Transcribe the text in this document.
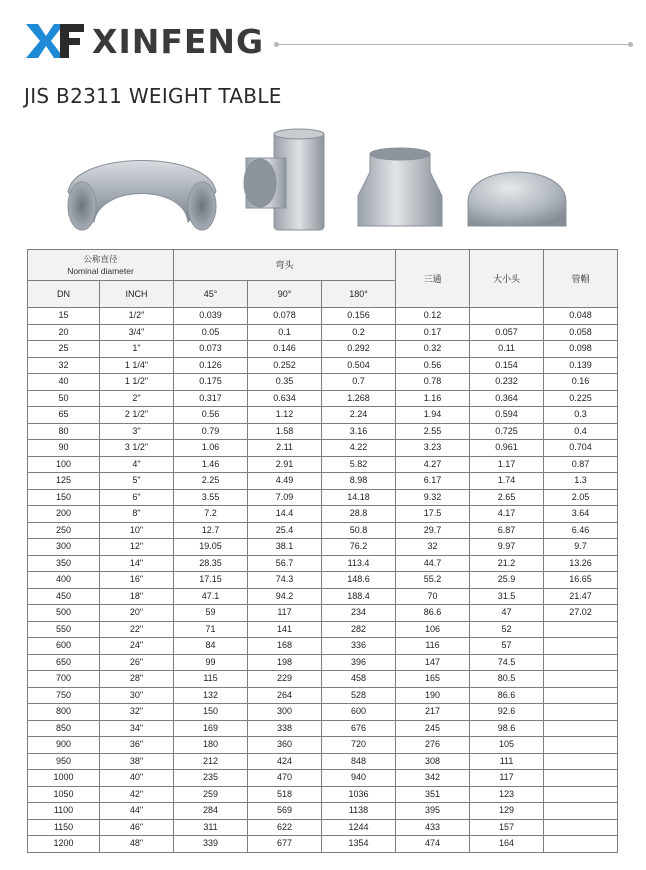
XINFENG
JIS B2311 WEIGHT TABLE
公称直径
Nominal diameter		弯头			三通	大小头	管帽
DN	INCH	45°	90°	180°			
15	1/2"	0.039	0.078	0.156	0.12		0.048
20	3/4"	0.05	0.1	0.2	0.17	0.057	0.058
25	1"	0.073	0.146	0.292	0.32	0.11	0.098
32	1 1/4"	0.126	0.252	0.504	0.56	0.154	0.139
40	1 1/2"	0.175	0.35	0.7	0.78	0.232	0.16
50	2"	0.317	0.634	1.268	1.16	0.364	0.225
65	2 1/2"	0.56	1.12	2.24	1.94	0.594	0.3
80	3"	0.79	1.58	3.16	2.55	0.725	0.4
90	3 1/2"	1.06	2.11	4.22	3.23	0.961	0.704
100	4"	1.46	2.91	5.82	4.27	1.17	0.87
125	5"	2.25	4.49	8.98	6.17	1.74	1.3
150	6"	3.55	7.09	14.18	9.32	2.65	2.05
200	8"	7.2	14.4	28.8	17.5	4.17	3.64
250	10"	12.7	25.4	50.8	29.7	6.87	6.46
300	12"	19.05	38.1	76.2	32	9.97	9.7
350	14"	28.35	56.7	113.4	44.7	21.2	13.26
400	16"	17.15	74.3	148.6	55.2	25.9	16.65
450	18"	47.1	94.2	188.4	70	31.5	21.47
500	20"	59	117	234	86.6	47	27.02
550	22"	71	141	282	106	52	
600	24"	84	168	336	116	57	
650	26"	99	198	396	147	74.5	
700	28"	115	229	458	165	80.5	
750	30"	132	264	528	190	86.6	
800	32"	150	300	600	217	92.6	
850	34"	169	338	676	245	98.6	
900	36"	180	360	720	276	105	
950	38"	212	424	848	308	111	
1000	40"	235	470	940	342	117	
1050	42"	259	518	1036	351	123	
1100	44"	284	569	1138	395	129	
1150	46"	311	622	1244	433	157	
1200	48"	339	677	1354	474	164	
